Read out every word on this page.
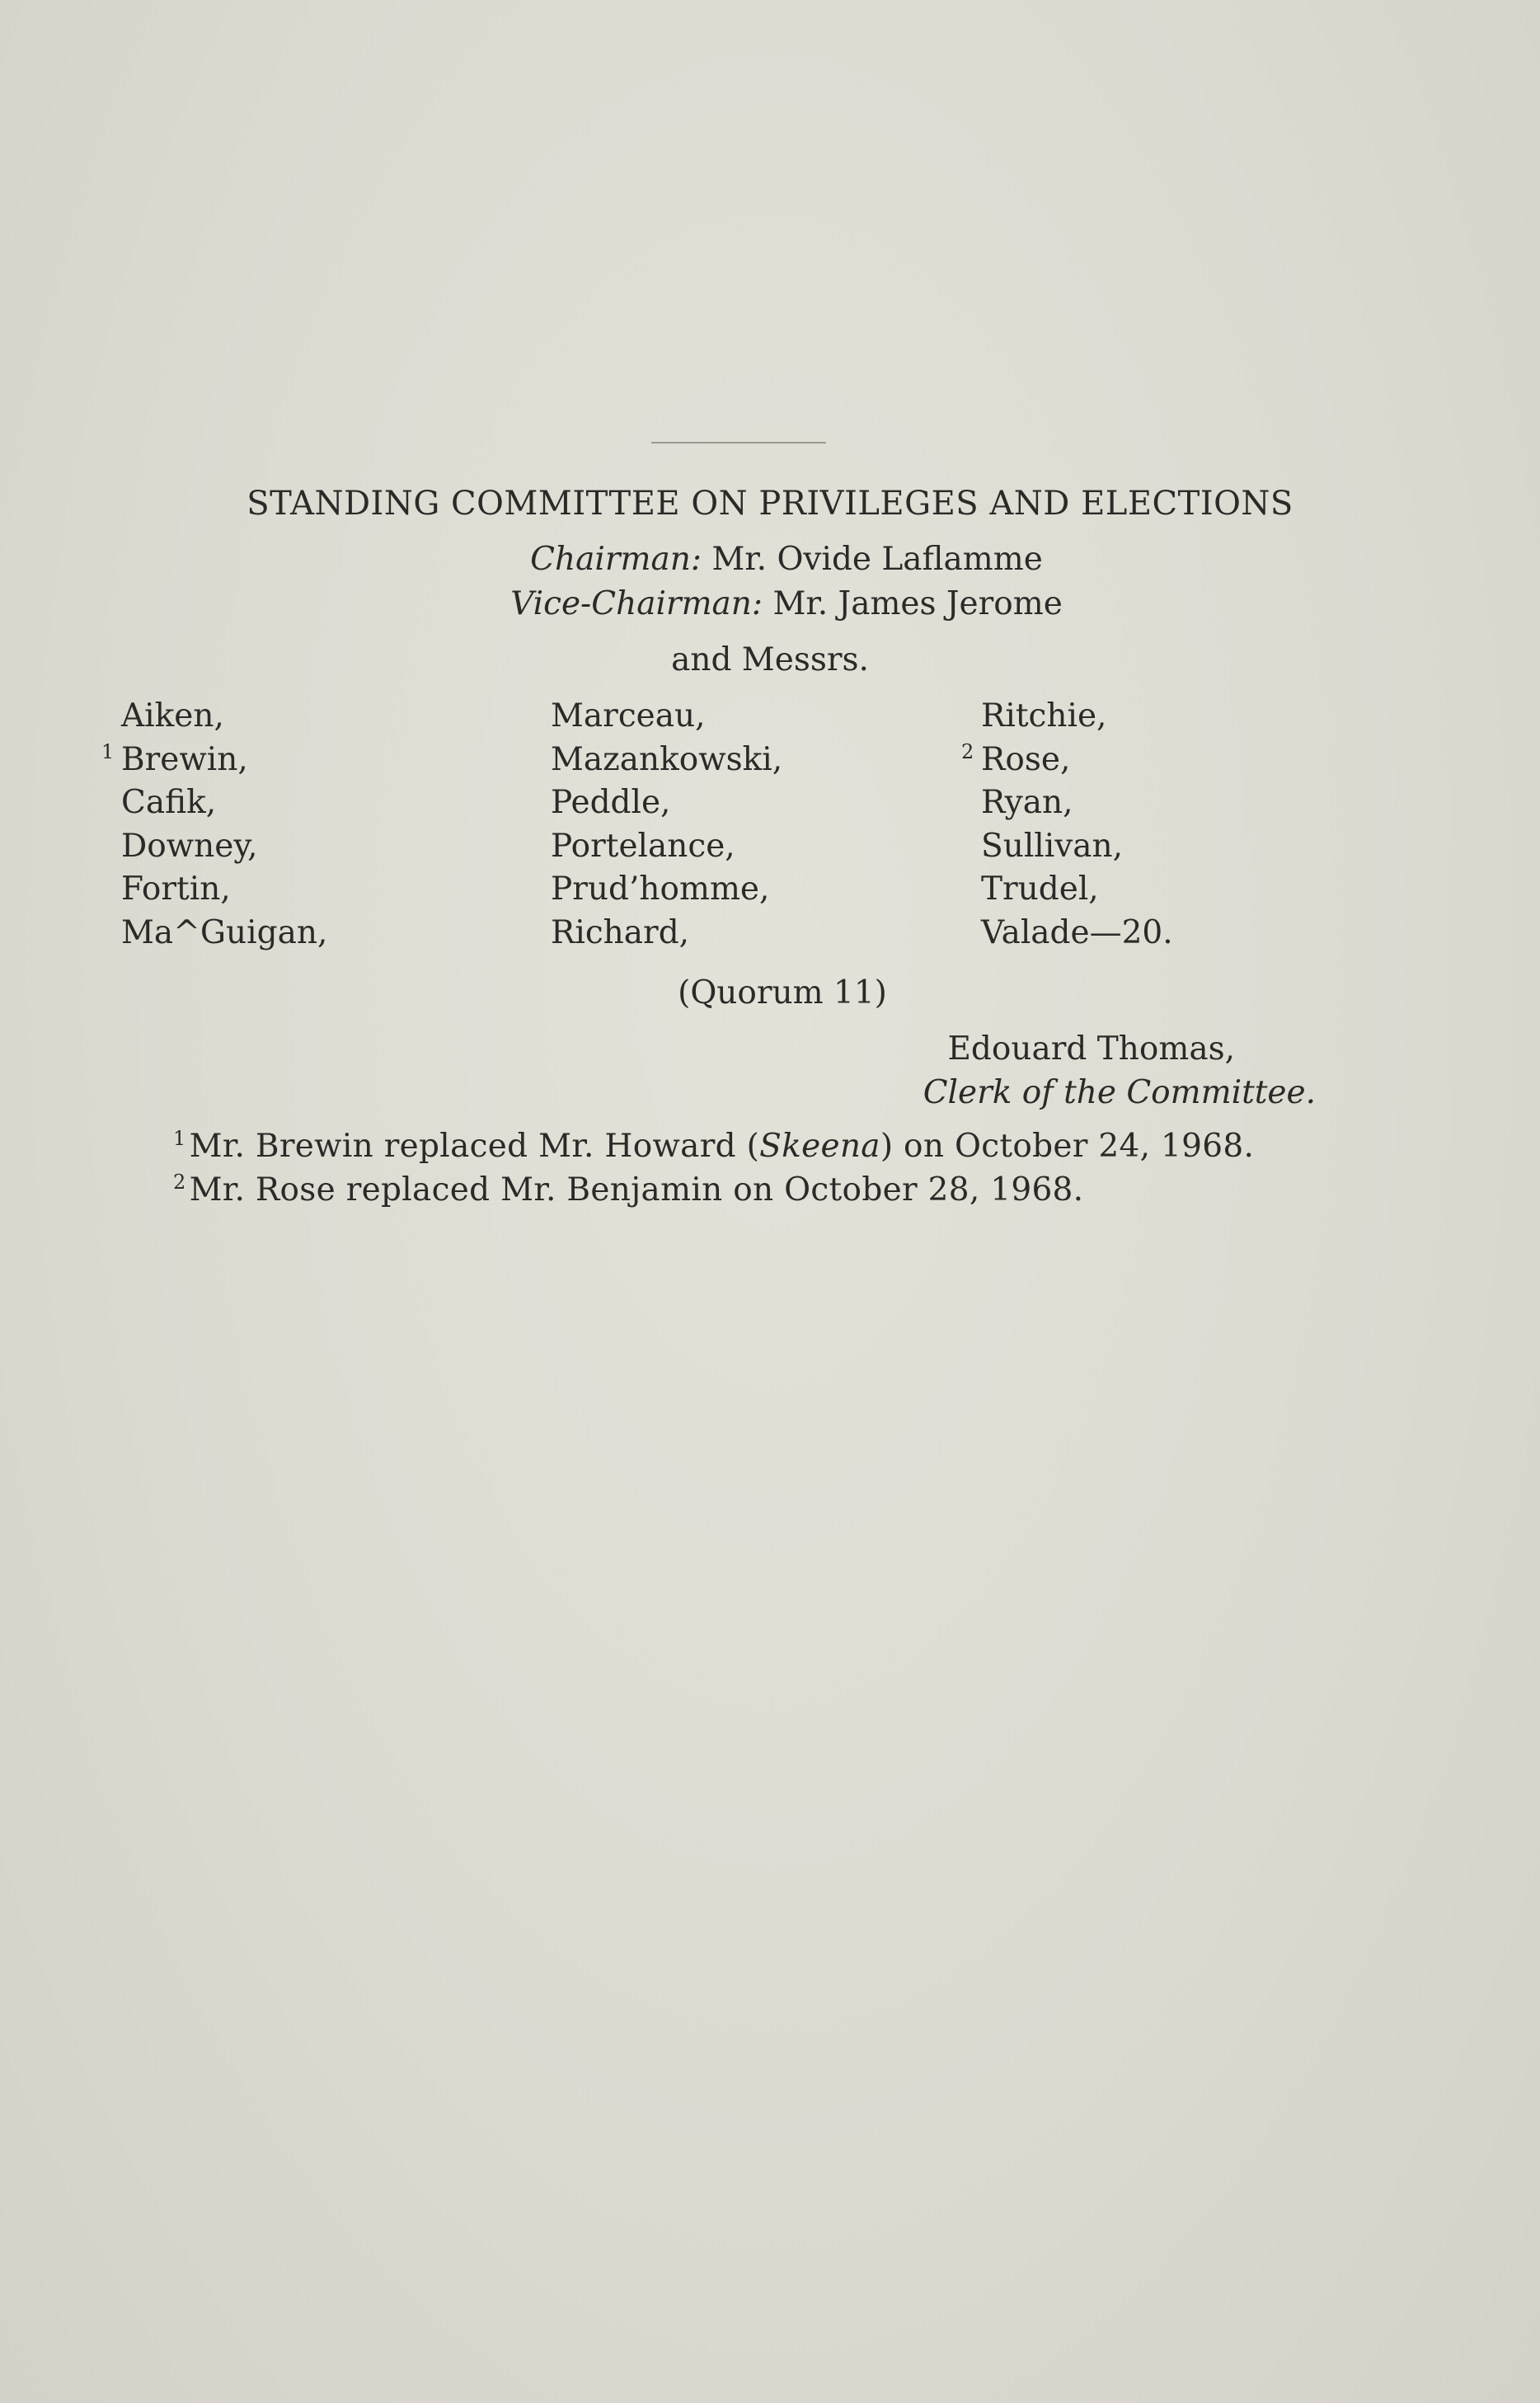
STANDING COMMITTEE ON PRIVILEGES AND ELECTIONS
Chairman: Mr. Ovide Laflamme
Vice-Chairman: Mr. James Jerome
and Messrs.
Aiken,
1 Brewin,
Cafik,
Downey,
Fortin,
Ma^Guigan,
Marceau,
Mazankowski,
Peddle,
Portelance,
Prud’homme,
Richard,
Ritchie,
2 Rose,
Ryan,
Sullivan,
Trudel,
Valade—20.
(Quorum 11)
Edouard Thomas,
Clerk of the Committee.
$^1$ Mr. Brewin replaced Mr. Howard (Skeena) on October 24, 1968.
$^2$ Mr. Rose replaced Mr. Benjamin on October 28, 1968.
